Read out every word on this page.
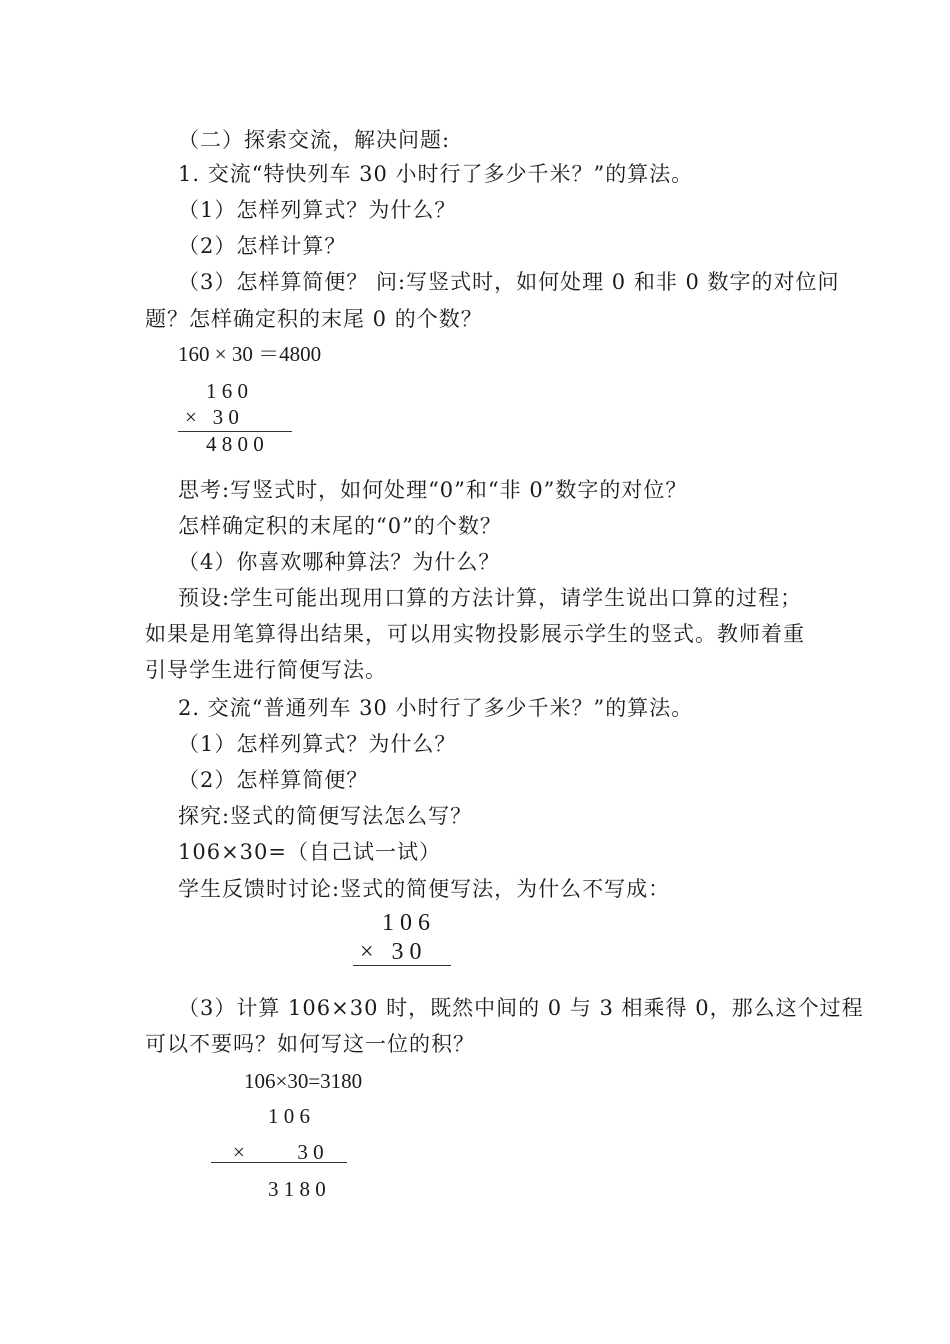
（二）探索交流，解决问题:
1. 交流“特快列车 30 小时行了多少千米？”的算法。
（1）怎样列算式？为什么？
（2）怎样计算？
（3）怎样算简便？ 问:写竖式时，如何处理 0 和非 0 数字的对位问
题？怎样确定积的末尾 0 的个数？
160 × 30 ＝4800
1 6 0
×   3 0
4 8 0 0
思考:写竖式时，如何处理“0”和“非 0”数字的对位？
怎样确定积的末尾的“0”的个数？
（4）你喜欢哪种算法？为什么？
预设:学生可能出现用口算的方法计算，请学生说出口算的过程；
如果是用笔算得出结果，可以用实物投影展示学生的竖式。教师着重
引导学生进行简便写法。
2. 交流“普通列车 30 小时行了多少千米？”的算法。
（1）怎样列算式？为什么？
（2）怎样算简便？
探究:竖式的简便写法怎么写？
106×30=（自己试一试）
学生反馈时讨论:竖式的简便写法，为什么不写成：
1 0 6
×   3 0
（3）计算 106×30 时，既然中间的 0 与 3 相乘得 0，那么这个过程
可以不要吗？如何写这一位的积？
106×30=3180
1 0 6
×          3 0
3 1 8 0
